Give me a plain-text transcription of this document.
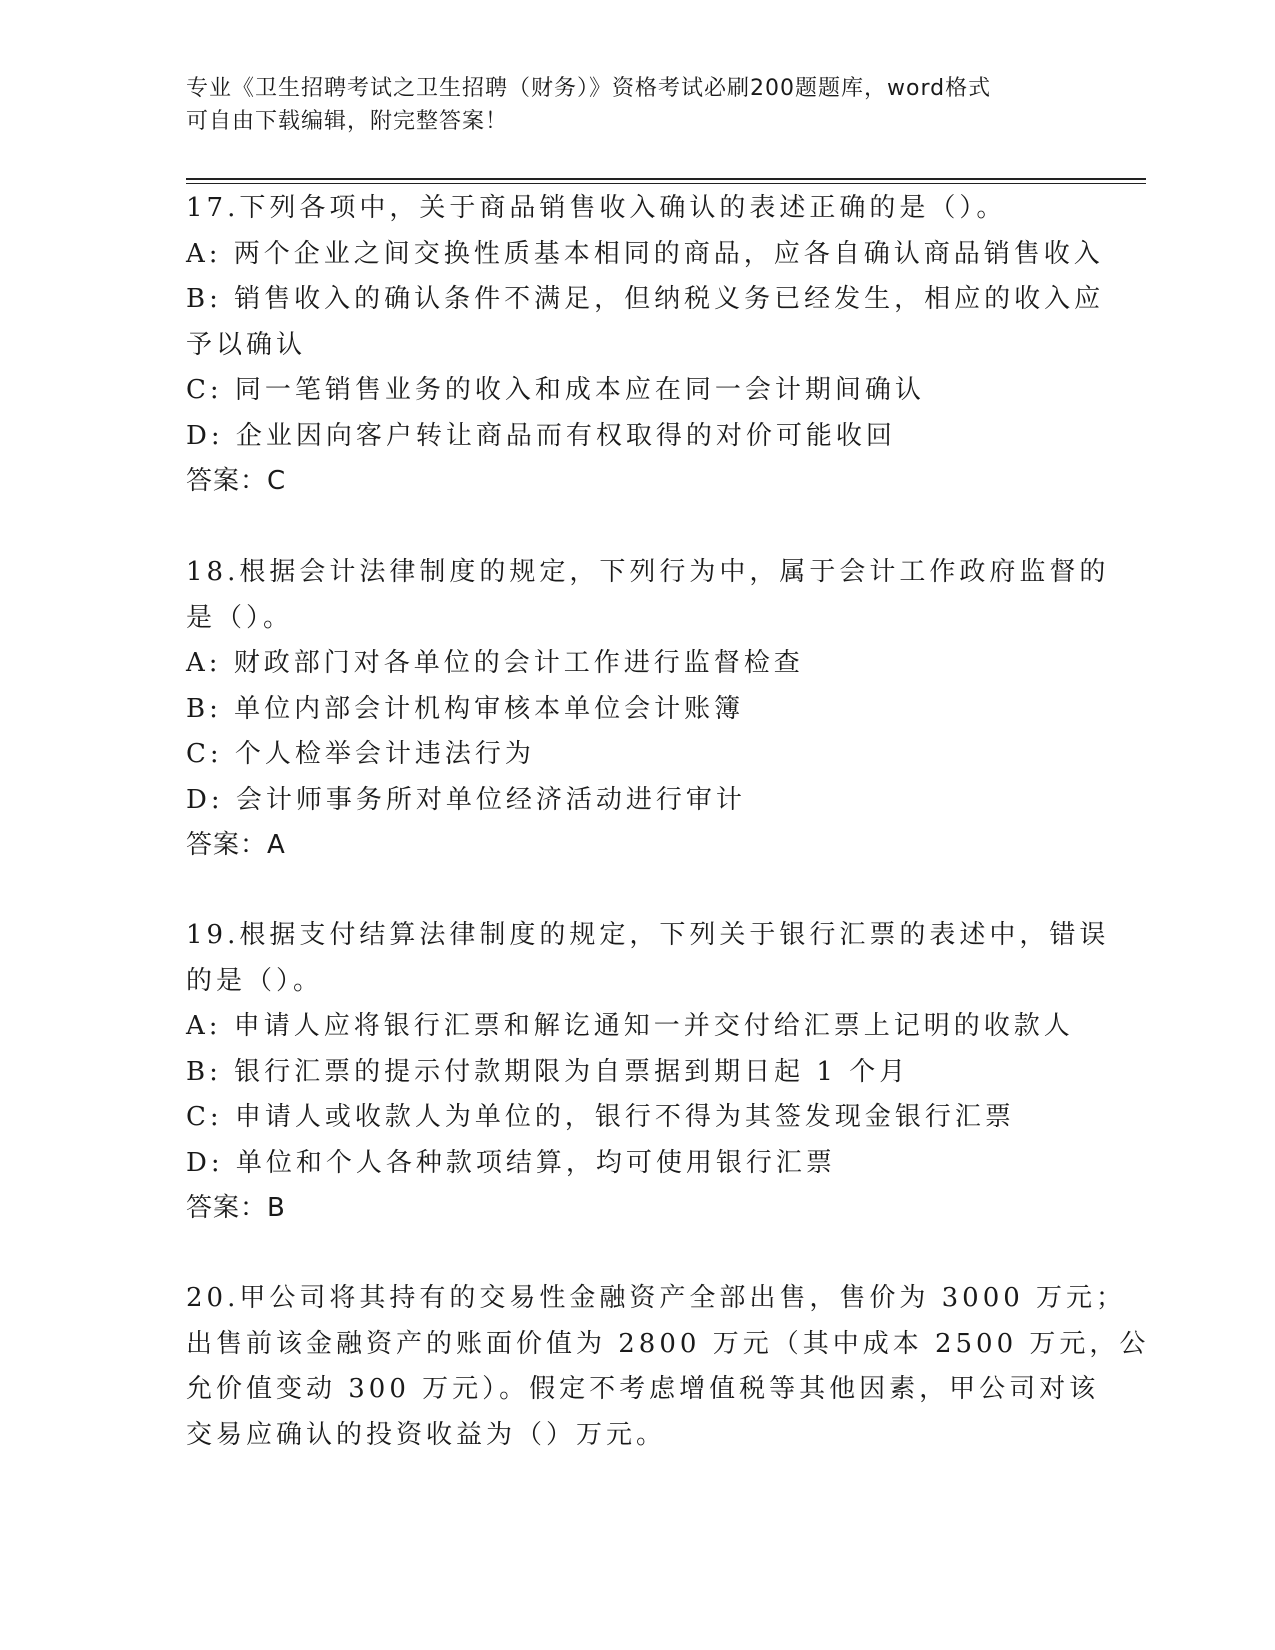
专业《卫生招聘考试之卫生招聘（财务）》资格考试必刷200题题库，word格式
可自由下载编辑，附完整答案！
17.下列各项中，关于商品销售收入确认的表述正确的是（）。
A: 两个企业之间交换性质基本相同的商品，应各自确认商品销售收入
B: 销售收入的确认条件不满足，但纳税义务已经发生，相应的收入应
予以确认
C: 同一笔销售业务的收入和成本应在同一会计期间确认
D: 企业因向客户转让商品而有权取得的对价可能收回
答案：C
18.根据会计法律制度的规定，下列行为中，属于会计工作政府监督的
是（）。
A: 财政部门对各单位的会计工作进行监督检查
B: 单位内部会计机构审核本单位会计账簿
C: 个人检举会计违法行为
D: 会计师事务所对单位经济活动进行审计
答案：A
19.根据支付结算法律制度的规定，下列关于银行汇票的表述中，错误
的是（）。
A: 申请人应将银行汇票和解讫通知一并交付给汇票上记明的收款人
B: 银行汇票的提示付款期限为自票据到期日起 1 个月
C: 申请人或收款人为单位的，银行不得为其签发现金银行汇票
D: 单位和个人各种款项结算，均可使用银行汇票
答案：B
20.甲公司将其持有的交易性金融资产全部出售，售价为 3000 万元；
出售前该金融资产的账面价值为 2800 万元（其中成本 2500 万元，公
允价值变动 300 万元）。假定不考虑增值税等其他因素，甲公司对该
交易应确认的投资收益为（）万元。
